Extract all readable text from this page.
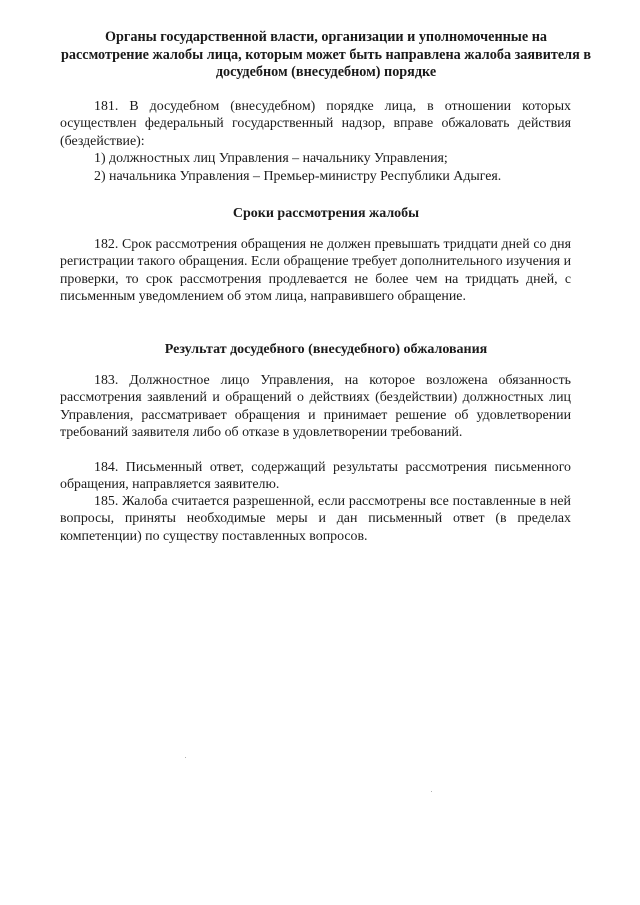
Органы государственной власти, организации и уполномоченные на рассмотрение жалобы лица, которым может быть направлена жалоба заявителя в досудебном (внесудебном) порядке

181. В досудебном (внесудебном) порядке лица, в отношении которых осуществлен федеральный государственный надзор, вправе обжаловать действия (бездействие):

1) должностных лиц Управления – начальнику Управления;

2) начальника Управления – Премьер-министру Республики Адыгея.

Сроки рассмотрения жалобы

182. Срок рассмотрения обращения не должен превышать тридцати дней со дня регистрации такого обращения. Если обращение требует дополнительного изучения и проверки, то срок рассмотрения продлевается не более чем на тридцать дней, с письменным уведомлением об этом лица, направившего обращение.

Результат досудебного (внесудебного) обжалования

183. Должностное лицо Управления, на которое возложена обязанность рассмотрения заявлений и обращений о действиях (бездействии) должностных лиц Управления, рассматривает обращения и принимает решение об удовлетворении требований заявителя либо об отказе в удовлетворении требований.

184. Письменный ответ, содержащий результаты рассмотрения письменного обращения, направляется заявителю.

185. Жалоба считается разрешенной, если рассмотрены все поставленные в ней вопросы, приняты необходимые меры и дан письменный ответ (в пределах компетенции) по существу поставленных вопросов.
